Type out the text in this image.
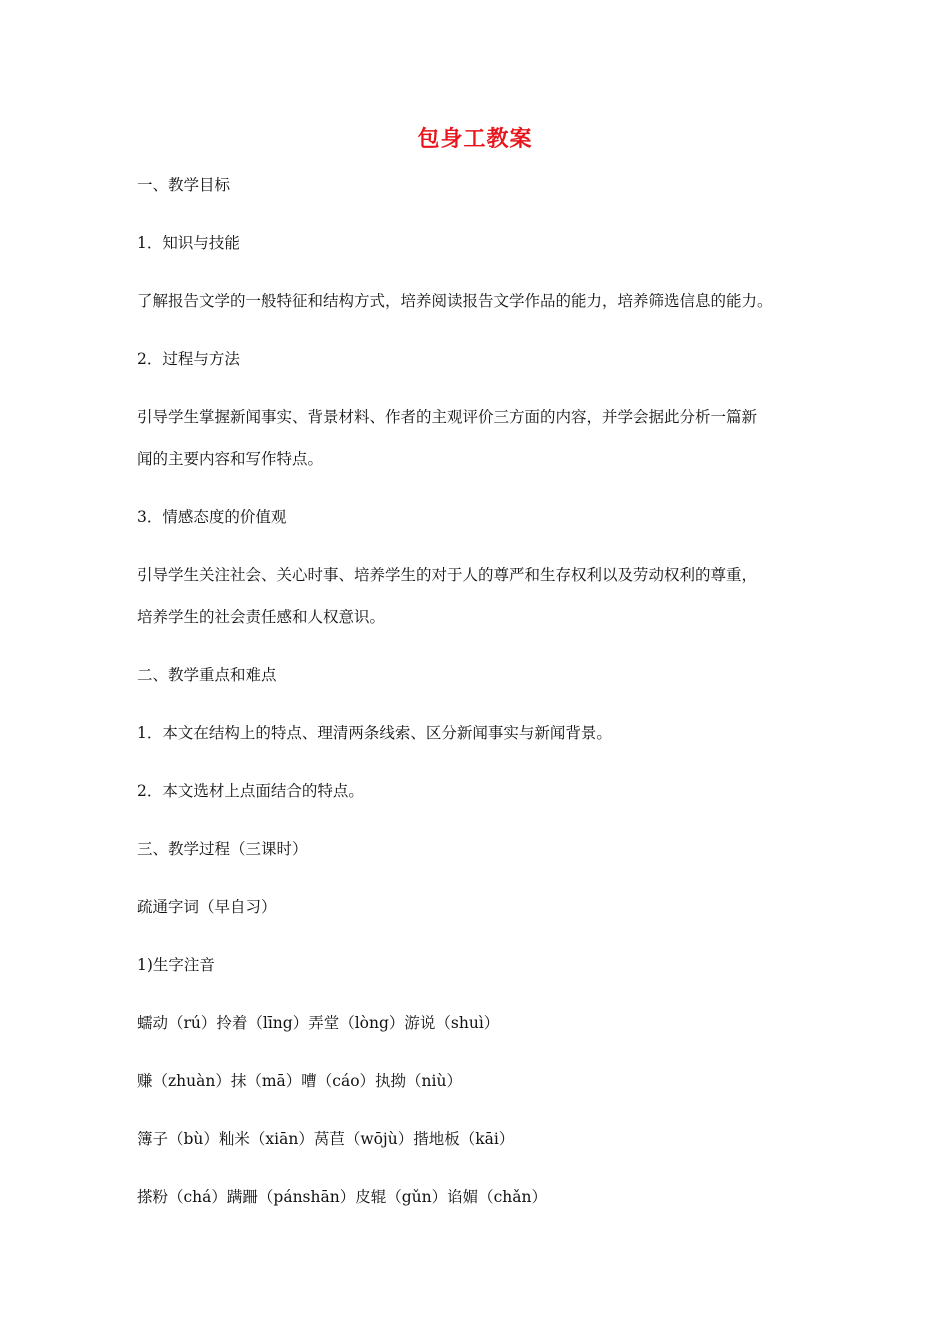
包身工教案
一、教学目标
1．知识与技能
了解报告文学的一般特征和结构方式，培养阅读报告文学作品的能力，培养筛选信息的能力。
2．过程与方法
引导学生掌握新闻事实、背景材料、作者的主观评价三方面的内容，并学会据此分析一篇新
闻的主要内容和写作特点。
3．情感态度的价值观
引导学生关注社会、关心时事、培养学生的对于人的尊严和生存权利以及劳动权利的尊重，
培养学生的社会责任感和人权意识。
二、教学重点和难点
1．本文在结构上的特点、理清两条线索、区分新闻事实与新闻背景。
2．本文选材上点面结合的特点。
三、教学过程（三课时）
疏通字词（早自习）
1)生字注音
蠕动（rú）拎着（līng）弄堂（lòng）游说（shuì）
赚（zhuàn）抹（mā）嘈（cáo）执拗（niù）
簿子（bù）籼米（xiān）莴苣（wōjù）揩地板（kāi）
搽粉（chá）蹒跚（pánshān）皮辊（gǔn）谄媚（chǎn）
